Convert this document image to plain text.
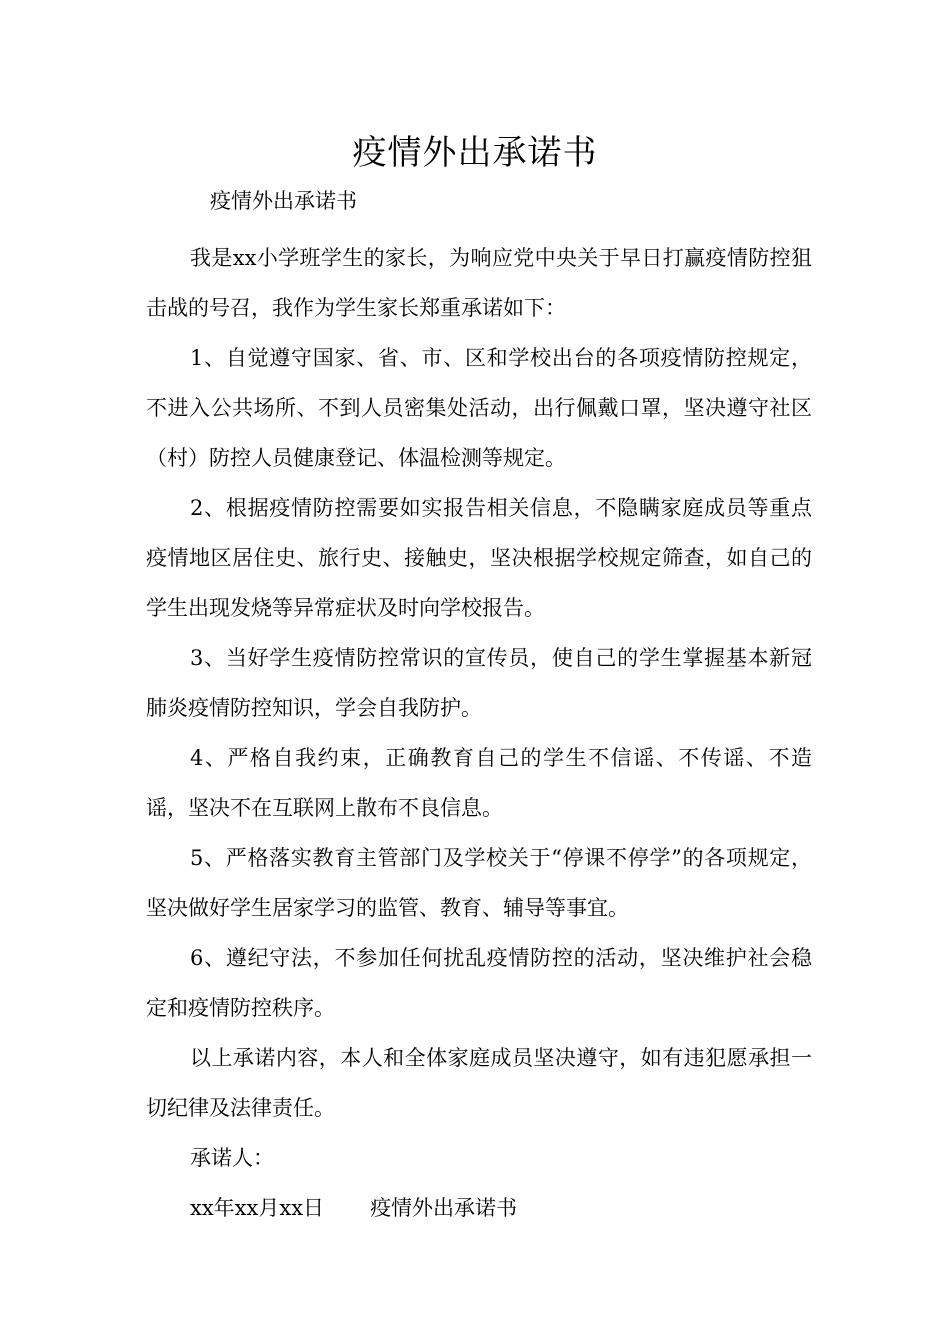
疫情外出承诺书

疫情外出承诺书

我是xx小学班学生的家长，为响应党中央关于早日打赢疫情防控狙击战的号召，我作为学生家长郑重承诺如下：

1、自觉遵守国家、省、市、区和学校出台的各项疫情防控规定，不进入公共场所、不到人员密集处活动，出行佩戴口罩，坚决遵守社区（村）防控人员健康登记、体温检测等规定。

2、根据疫情防控需要如实报告相关信息，不隐瞒家庭成员等重点疫情地区居住史、旅行史、接触史，坚决根据学校规定筛查，如自己的学生出现发烧等异常症状及时向学校报告。

3、当好学生疫情防控常识的宣传员，使自己的学生掌握基本新冠肺炎疫情防控知识，学会自我防护。

4、严格自我约束，正确教育自己的学生不信谣、不传谣、不造谣，坚决不在互联网上散布不良信息。

5、严格落实教育主管部门及学校关于“停课不停学”的各项规定，坚决做好学生居家学习的监管、教育、辅导等事宜。

6、遵纪守法，不参加任何扰乱疫情防控的活动，坚决维护社会稳定和疫情防控秩序。

以上承诺内容，本人和全体家庭成员坚决遵守，如有违犯愿承担一切纪律及法律责任。

承诺人：

xx年xx月xx日 疫情外出承诺书
